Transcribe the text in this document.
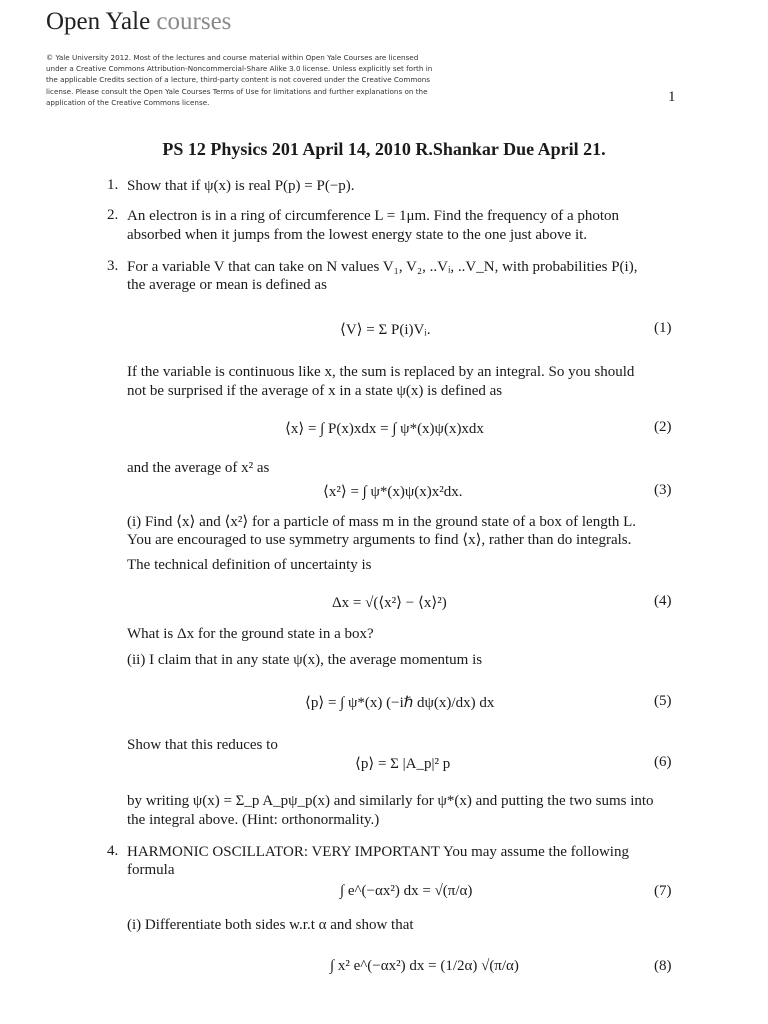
Open Yale courses
© Yale University 2012. Most of the lectures and course material within Open Yale Courses are licensed
under a Creative Commons Attribution-Noncommercial-Share Alike 3.0 license. Unless explicitly set forth in
the applicable Credits section of a lecture, third-party content is not covered under the Creative Commons
license. Please consult the Open Yale Courses Terms of Use for limitations and further explanations on the
application of the Creative Commons license.	1
PS 12 Physics 201 April 14, 2010 R.Shankar Due April 21.
1. Show that if ψ(x) is real P(p) = P(−p).
2. An electron is in a ring of circumference L = 1μm. Find the frequency of a photon
absorbed when it jumps from the lowest energy state to the one just above it.
3. For a variable V that can take on N values V₁, V₂, ..Vᵢ, ..V_N, with probabilities P(i),
the average or mean is defined as
⟨V⟩ = Σ P(i)Vᵢ.	(1)
If the variable is continuous like x, the sum is replaced by an integral. So you should
not be surprised if the average of x in a state ψ(x) is defined as
⟨x⟩ = ∫ P(x)xdx = ∫ ψ*(x)ψ(x)xdx	(2)
and the average of x² as
⟨x²⟩ = ∫ ψ*(x)ψ(x)x²dx.	(3)
(i) Find ⟨x⟩ and ⟨x²⟩ for a particle of mass m in the ground state of a box of length L.
You are encouraged to use symmetry arguments to find ⟨x⟩, rather than do integrals.
The technical definition of uncertainty is
Δx = √(⟨x²⟩ − ⟨x⟩²)	(4)
What is Δx for the ground state in a box?
(ii) I claim that in any state ψ(x), the average momentum is
⟨p⟩ = ∫ ψ*(x) (−iℏ dψ(x)/dx) dx	(5)
Show that this reduces to
⟨p⟩ = Σ |A_p|² p	(6)
by writing ψ(x) = Σ_p A_pψ_p(x) and similarly for ψ*(x) and putting the two sums into
the integral above. (Hint: orthonormality.)
4. HARMONIC OSCILLATOR: VERY IMPORTANT You may assume the following
formula
∫ e^(−αx²) dx = √(π/α)	(7)
(i) Differentiate both sides w.r.t α and show that
∫ x² e^(−αx²) dx = (1/2α) √(π/α)	(8)
